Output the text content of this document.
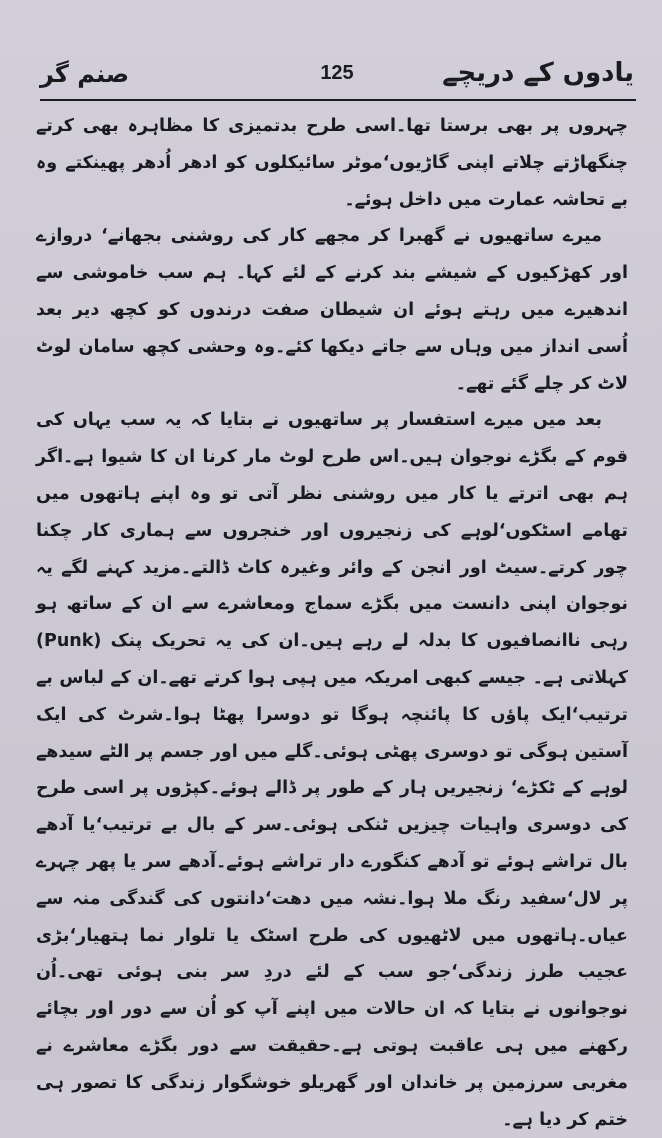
یادوں کے دریچے
125
صنم گر

چہروں پر بھی برستا تھا۔اسی طرح بدتمیزی کا مظاہرہ بھی کرتے چنگھاڑتے چلاتے اپنی گاڑیوں‘موٹر سائیکلوں کو ادھر اُدھر پھینکتے وہ بے تحاشہ عمارت میں داخل ہوئے۔

میرے ساتھیوں نے گھبرا کر مجھے کار کی روشنی بجھانے‘ دروازے اور کھڑکیوں کے شیشے بند کرنے کے لئے کہا۔ ہم سب خاموشی سے اندھیرے میں رہتے ہوئے ان شیطان صفت درندوں کو کچھ دیر بعد اُسی انداز میں وہاں سے جاتے دیکھا کئے۔وہ وحشی کچھ سامان لوٹ لاٹ کر چلے گئے تھے۔

بعد میں میرے استفسار پر ساتھیوں نے بتایا کہ یہ سب یہاں کی قوم کے بگڑے نوجوان ہیں۔اس طرح لوٹ مار کرنا ان کا شیوا ہے۔اگر ہم بھی اترتے یا کار میں روشنی نظر آتی تو وہ اپنے ہاتھوں میں تھامے اسٹکوں‘لوہے کی زنجیروں اور خنجروں سے ہماری کار چکنا چور کرتے۔سیٹ اور انجن کے وائر وغیرہ کاٹ ڈالتے۔مزید کہنے لگے یہ نوجوان اپنی دانست میں بگڑے سماج ومعاشرے سے ان کے ساتھ ہو رہی ناانصافیوں کا بدلہ لے رہے ہیں۔ان کی یہ تحریک پنک (Punk) کہلاتی ہے۔ جیسے کبھی امریکہ میں ہپی ہوا کرتے تھے۔ان کے لباس بے ترتیب‘ایک پاؤں کا پائنچہ ہوگا تو دوسرا پھٹا ہوا۔شرٹ کی ایک آستین ہوگی تو دوسری پھٹی ہوئی۔گلے میں اور جسم پر الٹے سیدھے لوہے کے ٹکڑے‘ زنجیریں ہار کے طور پر ڈالے ہوئے۔کپڑوں پر اسی طرح کی دوسری واہیات چیزیں ٹنکی ہوئی۔سر کے بال بے ترتیب‘یا آدھے بال تراشے ہوئے تو آدھے کنگورے دار تراشے ہوئے۔آدھے سر یا پھر چہرے پر لال‘سفید رنگ ملا ہوا۔نشہ میں دھت‘دانتوں کی گندگی منہ سے عیاں۔ہاتھوں میں لاٹھیوں کی طرح اسٹک یا تلوار نما ہتھیار‘بڑی عجیب طرز زندگی‘جو سب کے لئے دردِ سر بنی ہوئی تھی۔اُن نوجوانوں نے بتایا کہ ان حالات میں اپنے آپ کو اُن سے دور اور بچائے رکھنے میں ہی عاقبت ہوتی ہے۔حقیقت سے دور بگڑے معاشرے نے مغربی سرزمین پر خاندان اور گھریلو خوشگوار زندگی کا تصور ہی ختم کر دیا ہے۔
